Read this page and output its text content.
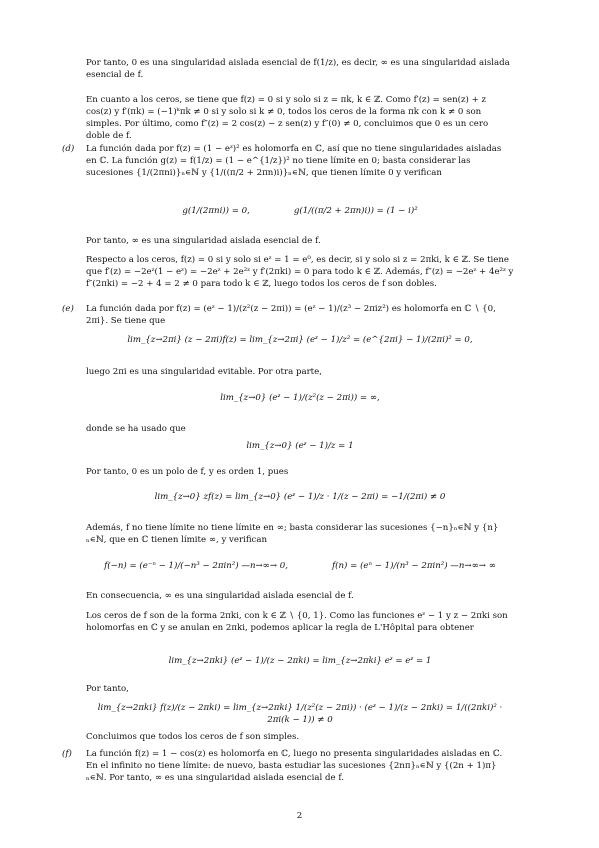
Por tanto, 0 es una singularidad aislada esencial de f(1/z), es decir, ∞ es una singularidad aislada esencial de f.

En cuanto a los ceros, se tiene que f(z) = 0 si y solo si z = πk, k ∈ ℤ. Como f′(z) = sen(z) + z cos(z) y f′(πk) = (−1)ᵏπk ≠ 0 si y solo si k ≠ 0, todos los ceros de la forma πk con k ≠ 0 son simples. Por último, como f″(z) = 2 cos(z) − z sen(z) y f″(0) ≠ 0, concluimos que 0 es un cero doble de f.

(d)	La función dada por f(z) = (1 − eᶻ)² es holomorfa en ℂ, así que no tiene singularidades aisladas en ℂ. La función g(z) = f(1/z) = (1 − e^{1/z})² no tiene límite en 0; basta considerar las sucesiones {1/(2πni)}ₙ∊ℕ y {1/((π/2 + 2πn)i)}ₙ∊ℕ, que tienen límite 0 y verifican
g(1/(2πni)) = 0,	g(1/((π/2 + 2πn)i)) = (1 − i)²

Por tanto, ∞ es una singularidad aislada esencial de f.

Respecto a los ceros, f(z) = 0 si y solo si eᶻ = 1 = e⁰, es decir, si y solo si z = 2πki, k ∈ ℤ. Se tiene que f′(z) = −2eᶻ(1 − eᶻ) = −2eᶻ + 2e²ᶻ y f′(2πki) = 0 para todo k ∈ ℤ. Además, f″(z) = −2eᶻ + 4e²ᶻ y f″(2πki) = −2 + 4 = 2 ≠ 0 para todo k ∈ ℤ, luego todos los ceros de f son dobles.

(e)	La función dada por f(z) = (eᶻ − 1)/(z²(z − 2πi)) = (eᶻ − 1)/(z³ − 2πiz²) es holomorfa en ℂ ∖ {0, 2πi}. Se tiene que

lim_{z→2πi} (z − 2πi)f(z) = lim_{z→2πi} (eᶻ − 1)/z² = (e^{2πi} − 1)/(2πi)² = 0,

luego 2πi es una singularidad evitable. Por otra parte,

lim_{z→0} (eᶻ − 1)/(z²(z − 2πi)) = ∞,

donde se ha usado que

lim_{z→0} (eᶻ − 1)/z = 1

Por tanto, 0 es un polo de f, y es orden 1, pues

lim_{z→0} zf(z) = lim_{z→0} (eᶻ − 1)/z · 1/(z − 2πi) = −1/(2πi) ≠ 0

Además, f no tiene límite no tiene límite en ∞; basta considerar las sucesiones {−n}ₙ∊ℕ y {n}ₙ∊ℕ, que en ℂ tienen límite ∞, y verifican

f(−n) = (e⁻ⁿ − 1)/(−n³ − 2πin²) —n→∞→ 0,	f(n) = (eⁿ − 1)/(n³ − 2πin²) —n→∞→ ∞

En consecuencia, ∞ es una singularidad aislada esencial de f.

Los ceros de f son de la forma 2πki, con k ∈ ℤ ∖ {0, 1}. Como las funciones eᶻ − 1 y z − 2πki son holomorfas en ℂ y se anulan en 2πki, podemos aplicar la regla de L'Hôpital para obtener

lim_{z→2πki} (eᶻ − 1)/(z − 2πki) = lim_{z→2πki} eᶻ = eᶻ = 1

Por tanto,

lim_{z→2πki} f(z)/(z − 2πki) = lim_{z→2πki} 1/(z²(z − 2πi)) · (eᶻ − 1)/(z − 2πki) = 1/((2πki)² · 2πi(k − 1)) ≠ 0

Concluimos que todos los ceros de f son simples.

(f)	La función f(z) = 1 − cos(z) es holomorfa en ℂ, luego no presenta singularidades aisladas en ℂ. En el infinito no tiene límite: de nuevo, basta estudiar las sucesiones {2nπ}ₙ∊ℕ y {(2n + 1)π}ₙ∊ℕ. Por tanto, ∞ es una singularidad aislada esencial de f.
2
